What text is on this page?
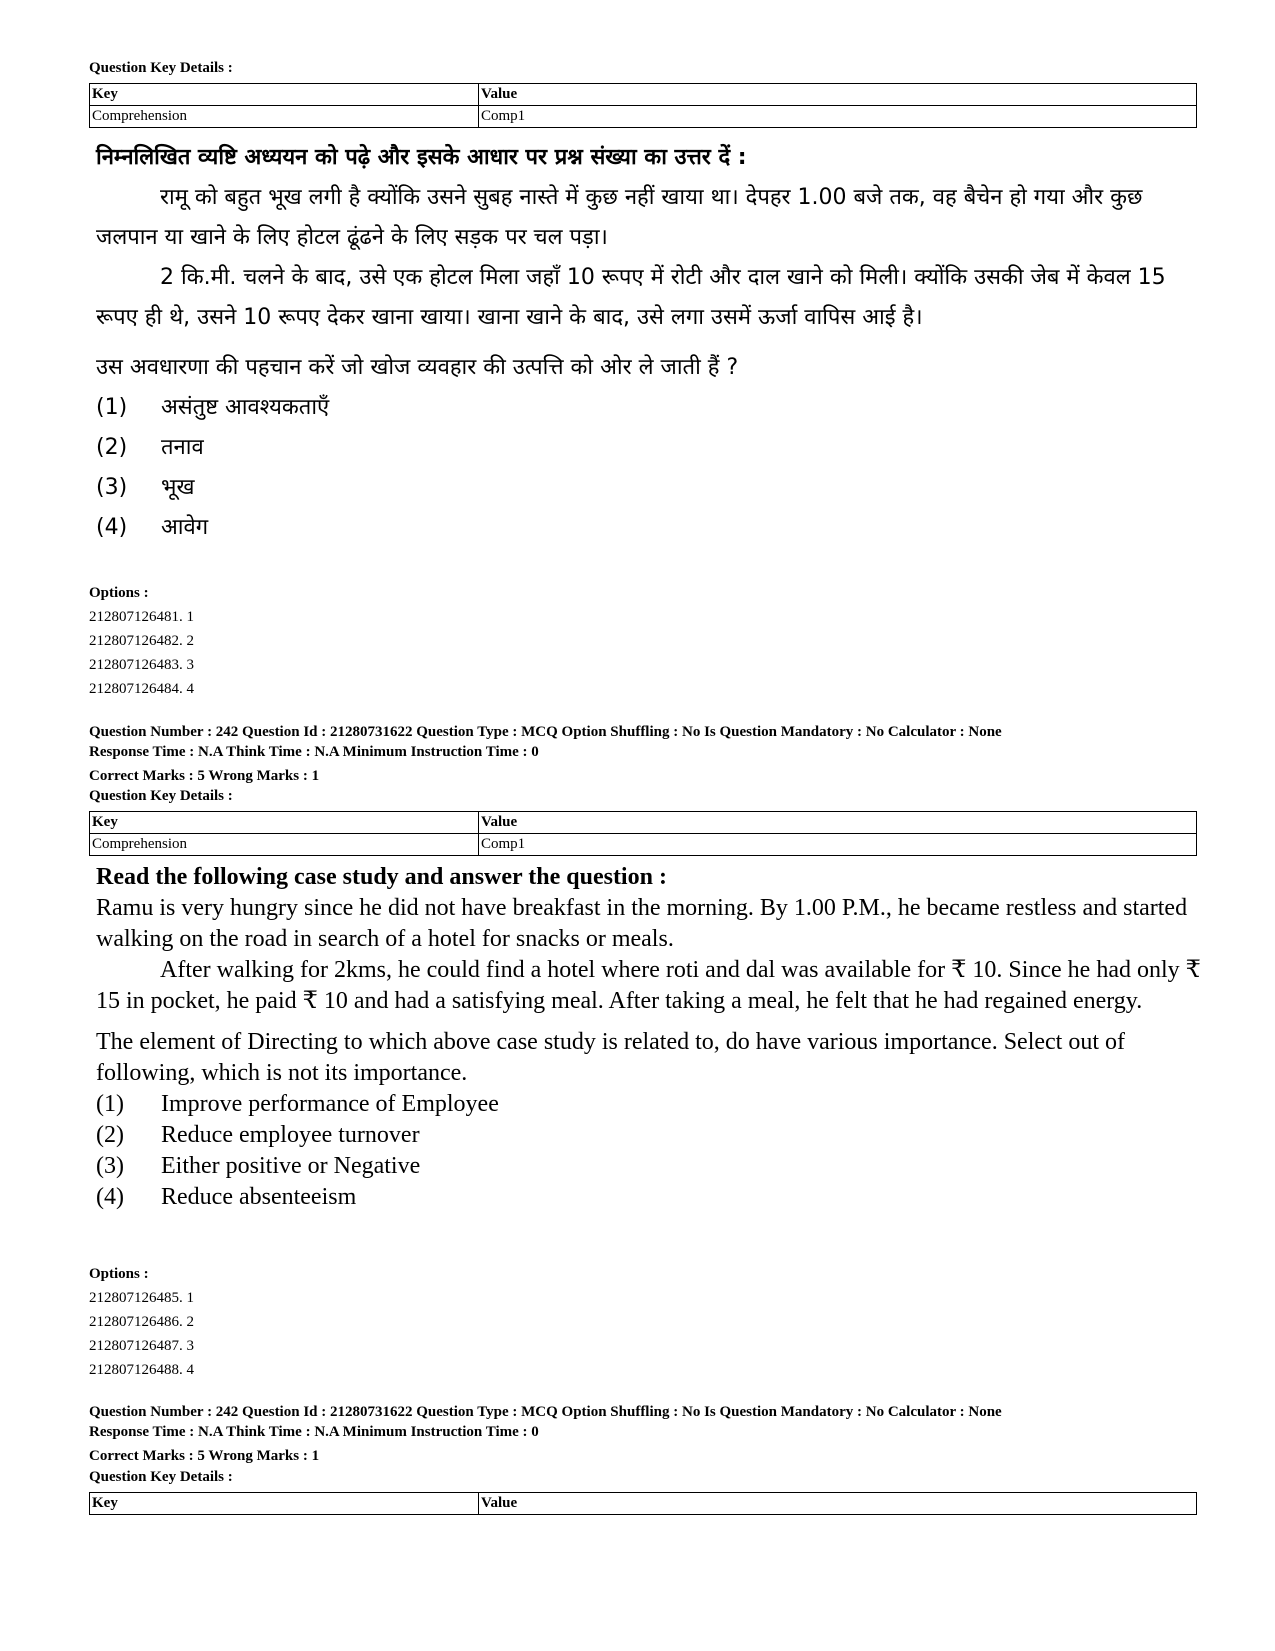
Question Key Details :
Key	Value
Comprehension	Comp1

निम्नलिखित व्यष्टि अध्ययन को पढ़े और इसके आधार पर प्रश्न संख्या का उत्तर दें :

रामू को बहुत भूख लगी है क्योंकि उसने सुबह नास्ते में कुछ नहीं खाया था। देपहर 1.00 बजे तक, वह बैचेन हो गया और कुछ जलपान या खाने के लिए होटल ढूंढने के लिए सड़क पर चल पड़ा।

2 कि.मी. चलने के बाद, उसे एक होटल मिला जहाँ 10 रूपए में रोटी और दाल खाने को मिली। क्योंकि उसकी जेब में केवल 15 रूपए ही थे, उसने 10 रूपए देकर खाना खाया। खाना खाने के बाद, उसे लगा उसमें ऊर्जा वापिस आई है।

उस अवधारणा की पहचान करें जो खोज व्यवहार की उत्पत्ति को ओर ले जाती हैं ?

(1)	असंतुष्ट आवश्यकताएँ
(2)	तनाव
(3)	भूख
(4)	आवेग
Options :
212807126481. 1
212807126482. 2
212807126483. 3
212807126484. 4
Question Number : 242 Question Id : 21280731622 Question Type : MCQ Option Shuffling : No Is Question Mandatory : No Calculator : None
Response Time : N.A Think Time : N.A Minimum Instruction Time : 0
Correct Marks : 5 Wrong Marks : 1
Question Key Details :
Key	Value
Comprehension	Comp1

Read the following case study and answer the question :

Ramu is very hungry since he did not have breakfast in the morning. By 1.00 P.M., he became restless and started walking on the road in search of a hotel for snacks or meals.

After walking for 2kms, he could find a hotel where roti and dal was available for ₹ 10. Since he had only ₹ 15 in pocket, he paid ₹ 10 and had a satisfying meal. After taking a meal, he felt that he had regained energy.

The element of Directing to which above case study is related to, do have various importance. Select out of following, which is not its importance.

(1)	Improve performance of Employee
(2)	Reduce employee turnover
(3)	Either positive or Negative
(4)	Reduce absenteeism
Options :
212807126485. 1
212807126486. 2
212807126487. 3
212807126488. 4
Question Number : 242 Question Id : 21280731622 Question Type : MCQ Option Shuffling : No Is Question Mandatory : No Calculator : None
Response Time : N.A Think Time : N.A Minimum Instruction Time : 0
Correct Marks : 5 Wrong Marks : 1
Question Key Details :
Key	Value
